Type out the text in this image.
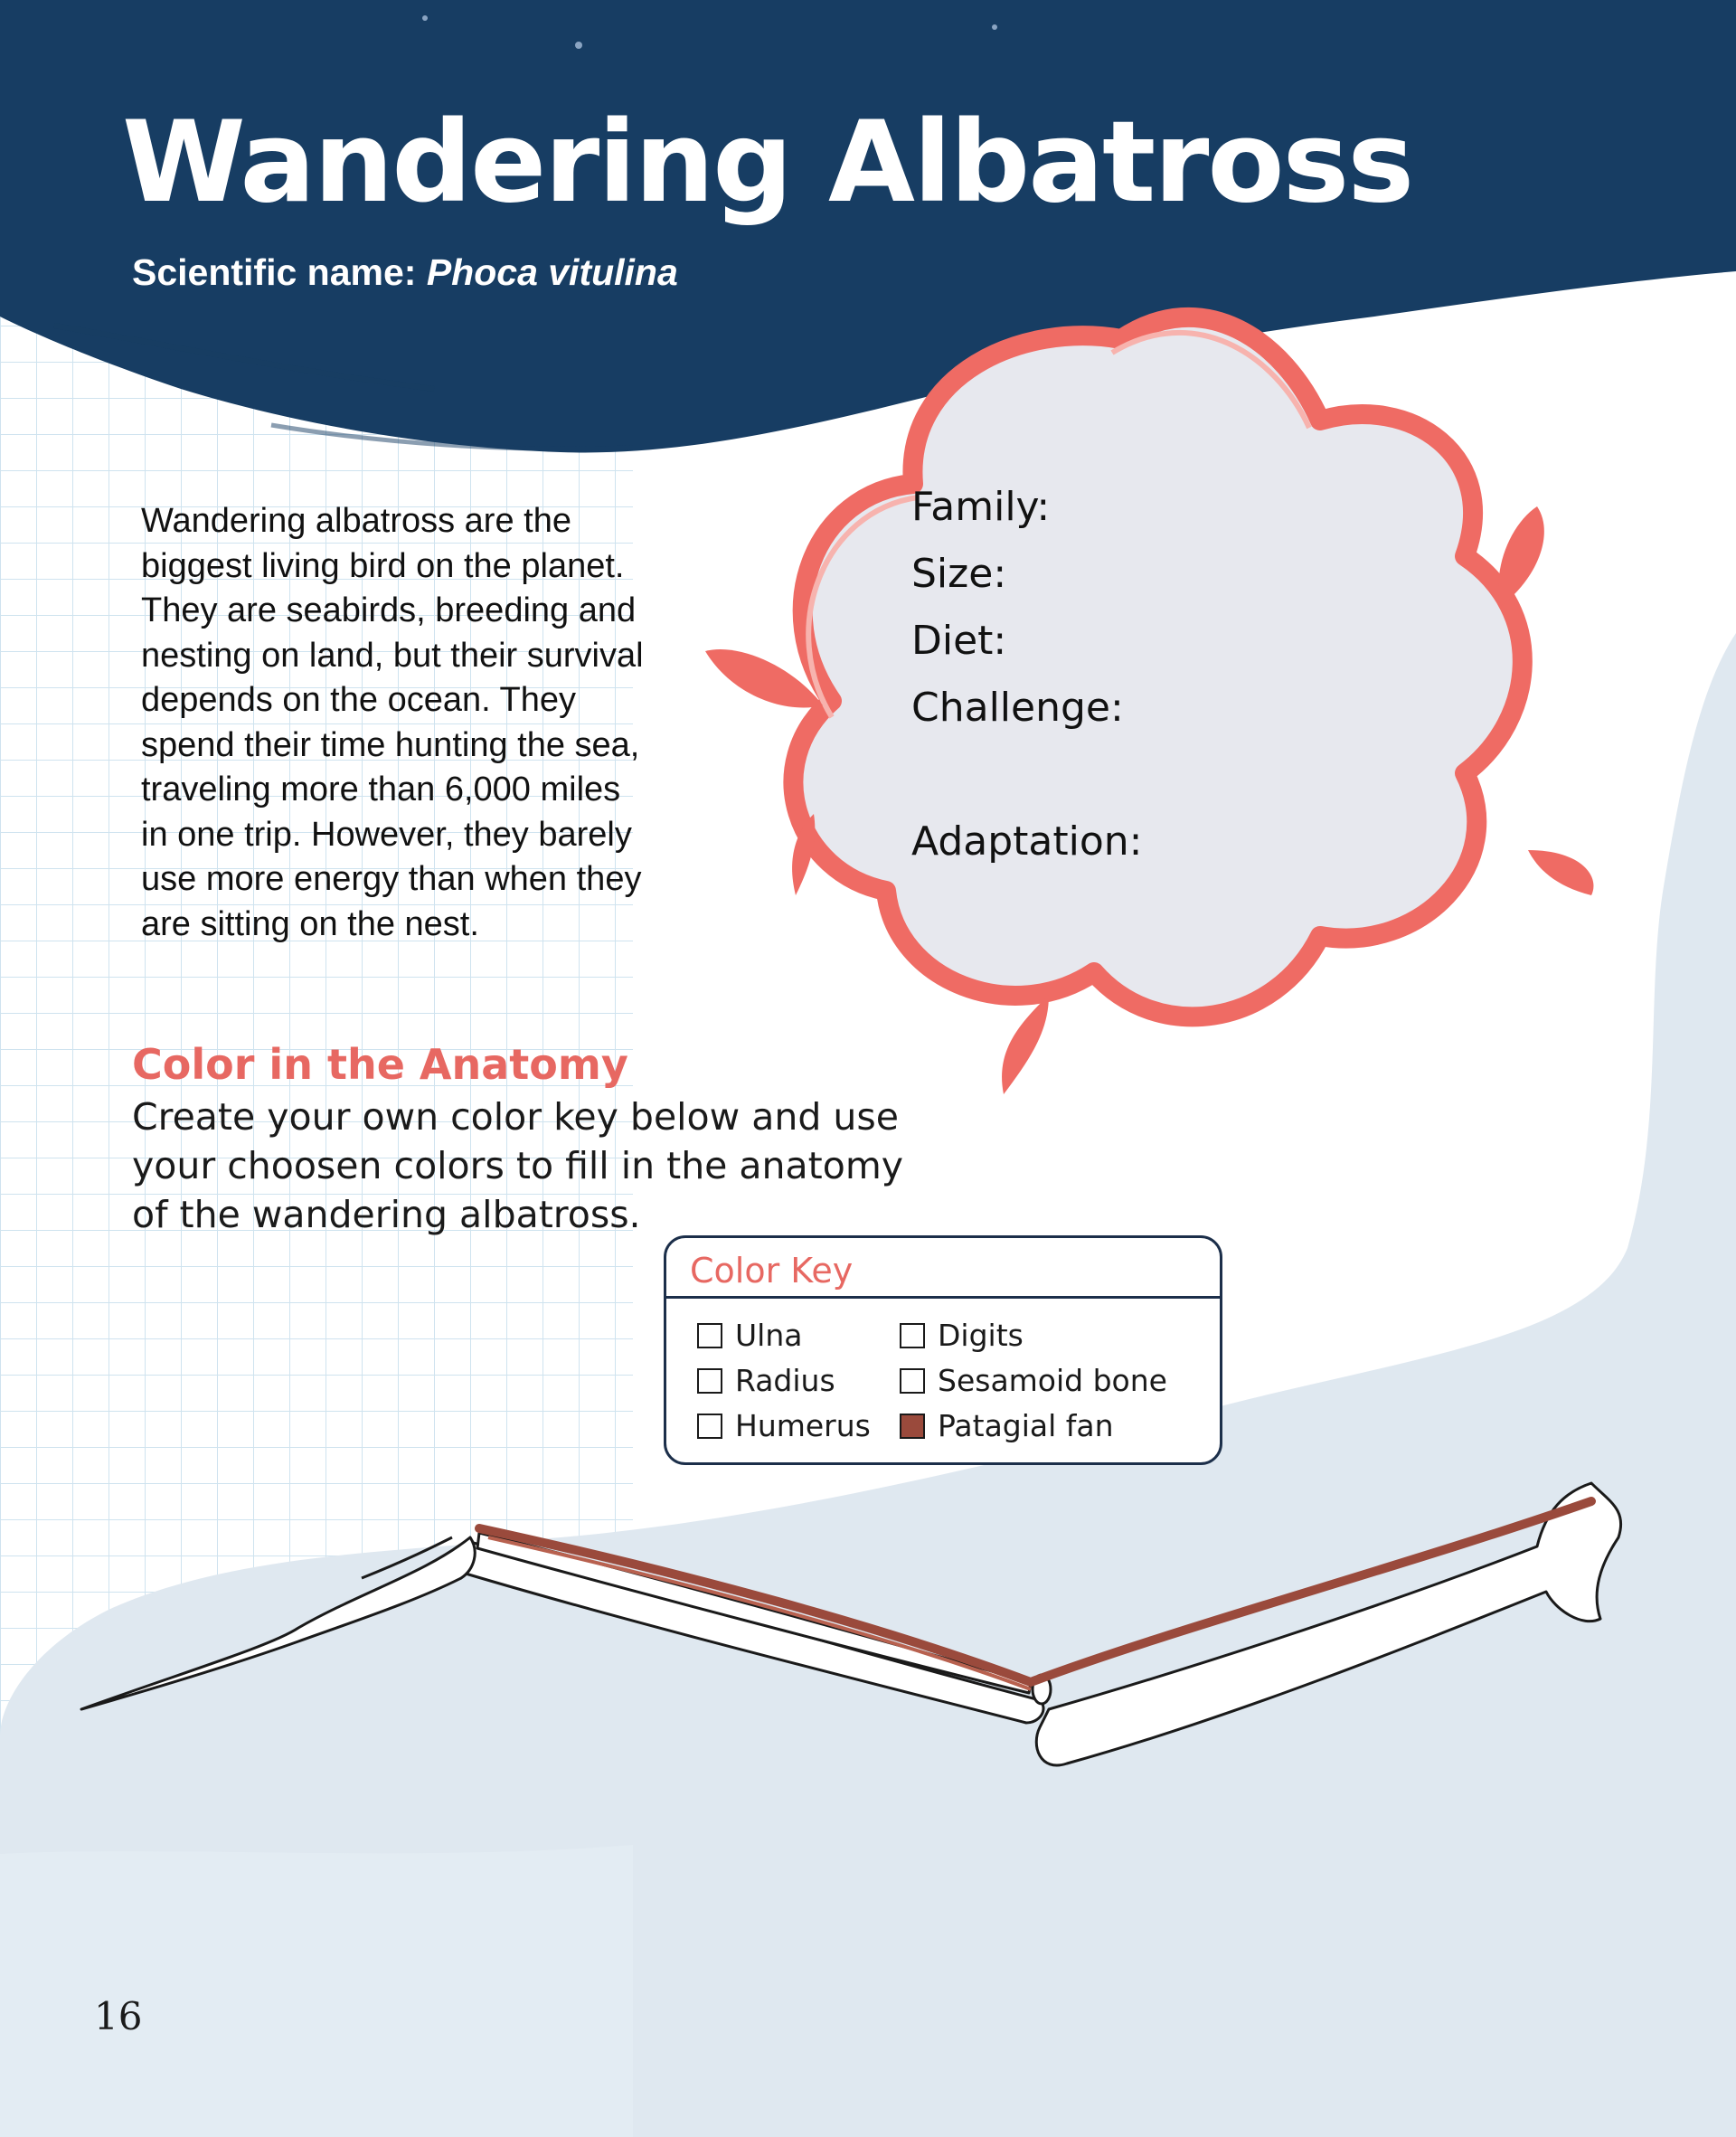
Wandering Albatross
Scientific name: Phoca vitulina

Wandering albatross are the biggest living bird on the planet. They are seabirds, breeding and nesting on land, but their survival depends on the ocean. They spend their time hunting the sea, traveling more than 6,000 miles in one trip. However, they barely use more energy than when they are sitting on the nest.

Family:
Size:
Diet:
Challenge:
Adaptation:
Color in the Anatomy
Create your own color key below and use your choosen colors to fill in the anatomy of the wandering albatross.
Color Key
Ulna
Radius
Humerus
Digits
Sesamoid bone
Patagial fan
16
